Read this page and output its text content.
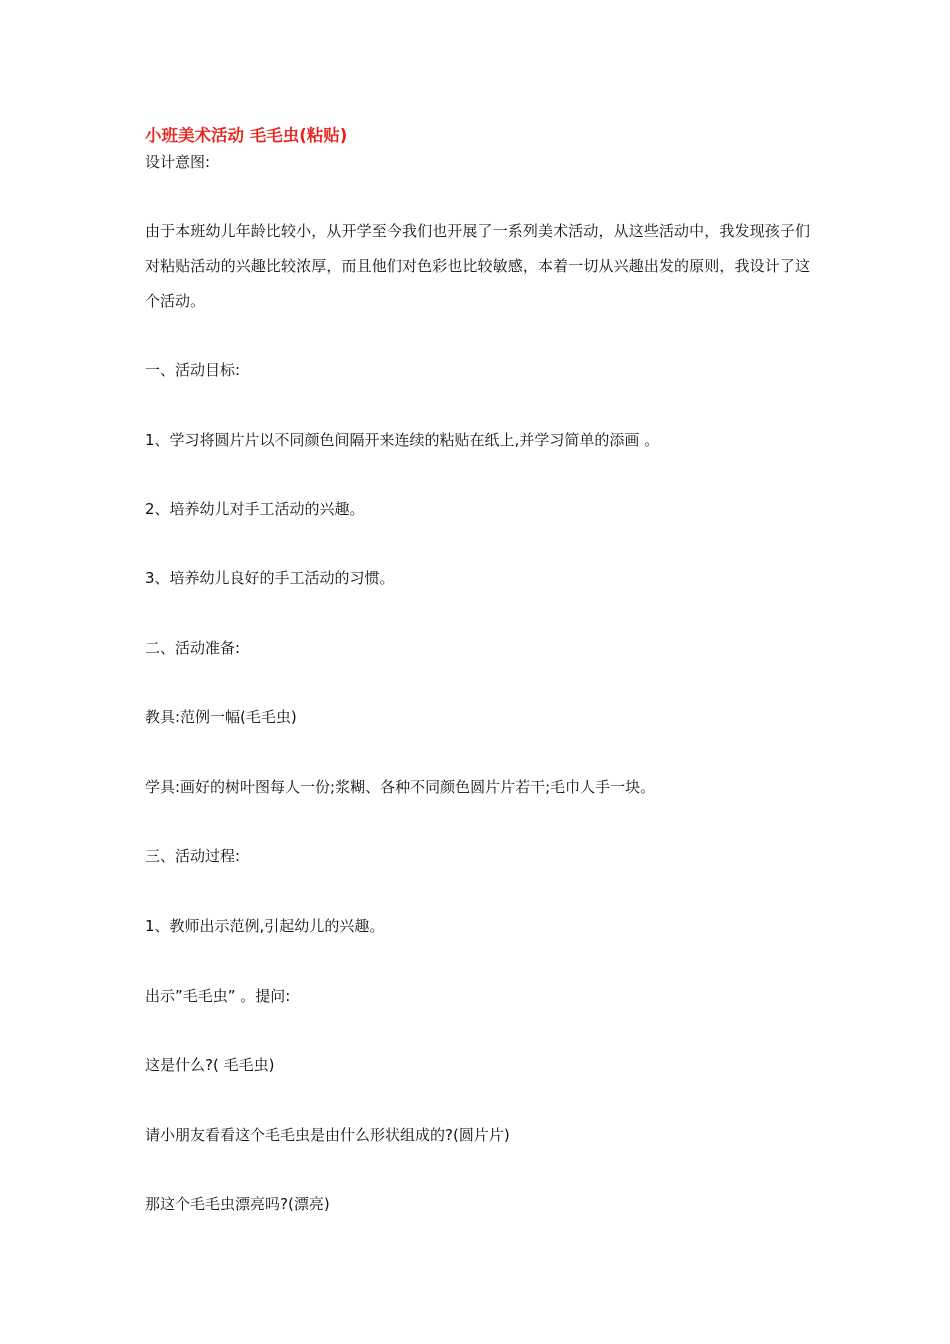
小班美术活动 毛毛虫(粘贴)
设计意图:
由于本班幼儿年龄比较小，从开学至今我们也开展了一系列美术活动，从这些活动中，我发现孩子们对粘贴活动的兴趣比较浓厚，而且他们对色彩也比较敏感，本着一切从兴趣出发的原则，我设计了这个活动。
一、活动目标:
1、学习将圆片片以不同颜色间隔开来连续的粘贴在纸上,并学习简单的添画 。
2、培养幼儿对手工活动的兴趣。
3、培养幼儿良好的手工活动的习惯。
二、活动准备:
教具:范例一幅(毛毛虫)
学具:画好的树叶图每人一份;浆糊、各种不同颜色圆片片若干;毛巾人手一块。
三、活动过程:
1、教师出示范例,引起幼儿的兴趣。
出示”毛毛虫” 。提问:
这是什么?( 毛毛虫)
请小朋友看看这个毛毛虫是由什么形状组成的?(圆片片)
那这个毛毛虫漂亮吗?(漂亮)
